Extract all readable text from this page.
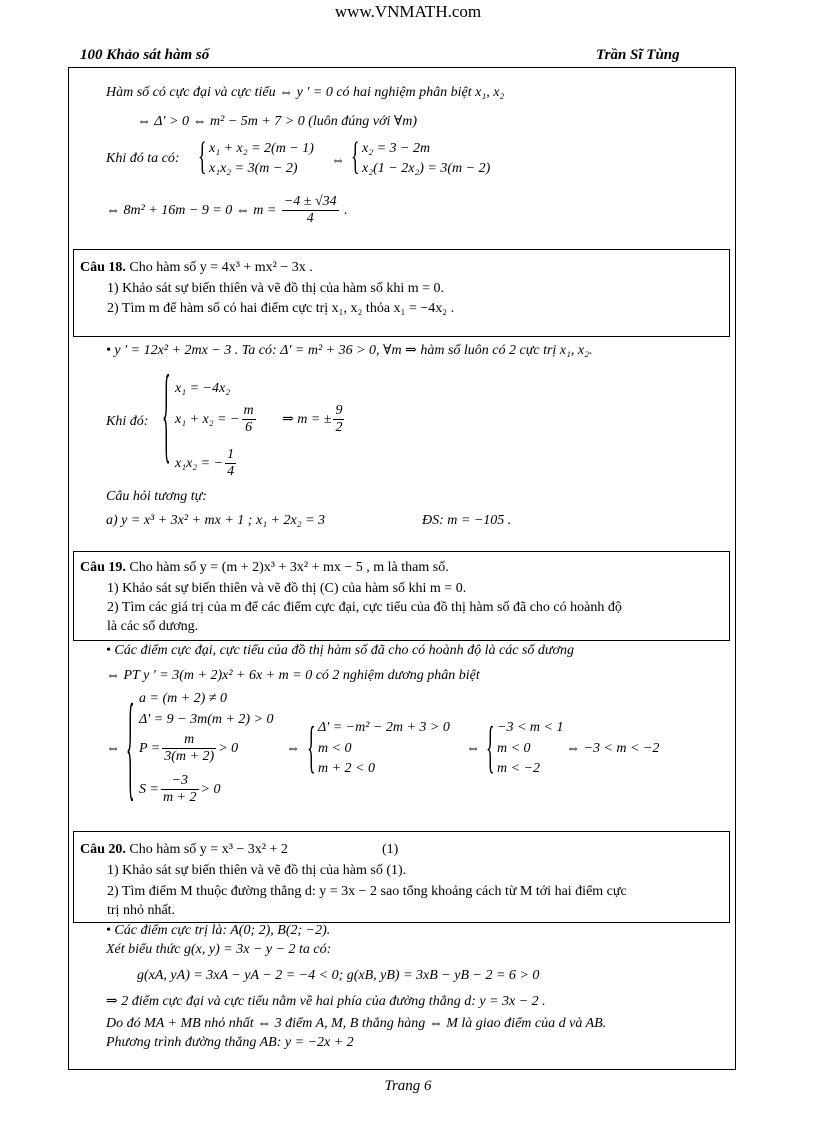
www.VNMATH.com
100 Khảo sát hàm số	Trần Sĩ Tùng
Hàm số có cực đại và cực tiểu ⇔ y ′ = 0 có hai nghiệm phân biệt x₁, x₂
⇔ Δ′ > 0 ⇔ m² − 5m + 7 > 0 (luôn đúng với ∀m)
Khi đó ta có: { x₁ + x₂ = 2(m − 1)
x₁x₂ = 3(m − 2)
⇔ { x₂ = 3 − 2m
x₂(1 − 2x₂) = 3(m − 2)
⇔ 8m² + 16m − 9 = 0 ⇔ $m = \frac{-4 \pm √34}{4}$ .
Câu 18. Cho hàm số y = 4x³ + mx² − 3x .
1) Khảo sát sự biến thiên và vẽ đồ thị của hàm số khi m = 0.
2) Tìm m để hàm số có hai điểm cực trị x₁, x₂ thỏa x₁ = −4x₂ .
• y ′ = 12x² + 2mx − 3 . Ta có: Δ′ = m² + 36 > 0, ∀m ⇒ hàm số luôn có 2 cực trị x₁, x₂.
Khi đó: { x₁ = −4x₂
x₁ + x₂ = − $\frac{m}{6}$
x₁x₂ = − $\frac{1}{4}$
⇒ m = ± $\frac{9}{2}$
Câu hỏi tương tự:
a) y = x³ + 3x² + mx + 1 ; x₁ + 2x₂ = 3	ĐS: m = −105 .
Câu 19. Cho hàm số y = (m + 2)x³ + 3x² + mx − 5 , m là tham số.
1) Khảo sát sự biến thiên và vẽ đồ thị (C) của hàm số khi m = 0.
2) Tìm các giá trị của m để các điểm cực đại, cực tiểu của đồ thị hàm số đã cho có hoành độ
là các số dương.
• Các điểm cực đại, cực tiểu của đồ thị hàm số đã cho có hoành độ là các số dương
⇔ PT y ' = 3(m + 2)x² + 6x + m = 0 có 2 nghiệm dương phân biệt
⇔ { a = (m + 2) ≠ 0
Δ' = 9 − 3m(m + 2) > 0
$P = \frac{m}{3(m + 2)} > 0$
$S = \frac{-3}{m + 2} > 0$
⇔ { Δ' = −m² − 2m + 3 > 0
m < 0
m + 2 < 0
⇔ { −3 < m < 1
m < 0
m < −2
⇔ −3 < m < −2
Câu 20. Cho hàm số y = x³ − 3x² + 2	(1)
1) Khảo sát sự biến thiên và vẽ đồ thị của hàm số (1).
2) Tìm điểm M thuộc đường thẳng d: y = 3x − 2 sao tổng khoảng cách từ M tới hai điểm cực
trị nhỏ nhất.
• Các điểm cực trị là: A(0; 2), B(2; −2).
Xét biểu thức g(x, y) = 3x − y − 2 ta có:
g(xA, yA) = 3xA − yA − 2 = −4 < 0; g(xB, yB) = 3xB − yB − 2 = 6 > 0
⇒ 2 điểm cực đại và cực tiểu nằm về hai phía của đường thẳng d: y = 3x − 2 .
Do đó MA + MB nhỏ nhất ⇔ 3 điểm A, M, B thẳng hàng ⇔ M là giao điểm của d và AB.
Phương trình đường thẳng AB: y = −2x + 2
Trang 6
